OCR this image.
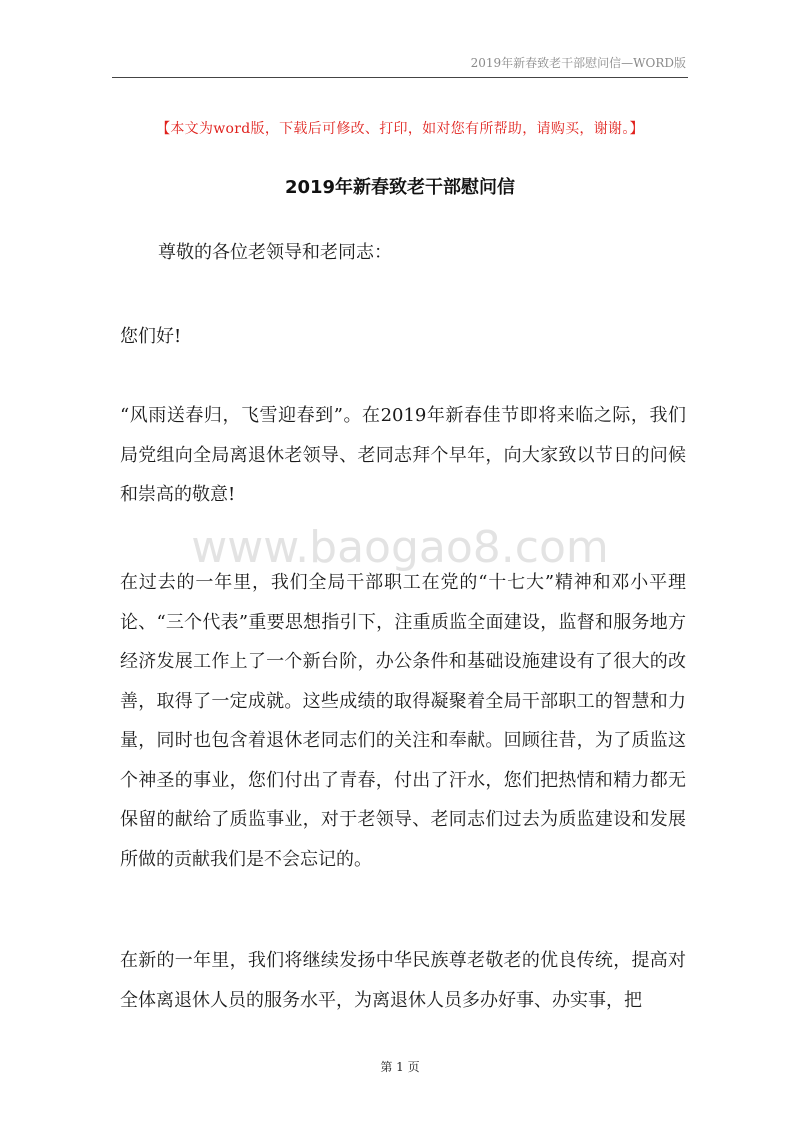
2019年新春致老干部慰问信—WORD版
【本文为word版，下载后可修改、打印，如对您有所帮助，请购买，谢谢。】
2019年新春致老干部慰问信
尊敬的各位老领导和老同志：
您们好!

“风雨送春归，飞雪迎春到”。在2019年新春佳节即将来临之际，我们局党组向全局离退休老领导、老同志拜个早年，向大家致以节日的问候和崇高的敬意!

www.baogao8.com

在过去的一年里，我们全局干部职工在党的“十七大”精神和邓小平理论、“三个代表”重要思想指引下，注重质监全面建设，监督和服务地方经济发展工作上了一个新台阶，办公条件和基础设施建设有了很大的改善，取得了一定成就。这些成绩的取得凝聚着全局干部职工的智慧和力量，同时也包含着退休老同志们的关注和奉献。回顾往昔，为了质监这个神圣的事业，您们付出了青春，付出了汗水，您们把热情和精力都无保留的献给了质监事业，对于老领导、老同志们过去为质监建设和发展所做的贡献我们是不会忘记的。

在新的一年里，我们将继续发扬中华民族尊老敬老的优良传统，提高对全体离退休人员的服务水平，为离退休人员多办好事、办实事，把

第 1 页
